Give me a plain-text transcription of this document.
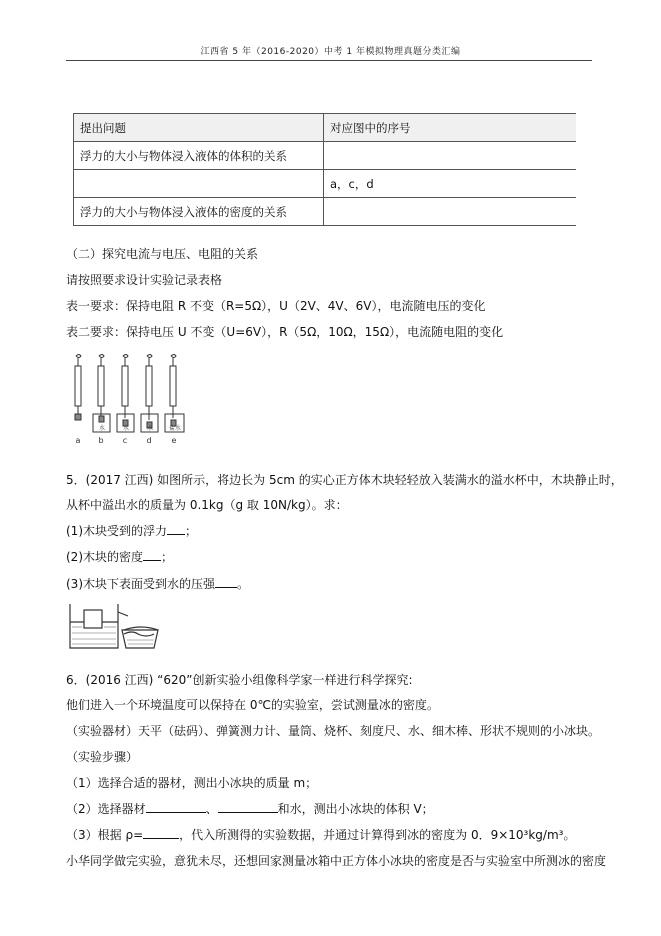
江西省 5 年（2016-2020）中考 1 年模拟物理真题分类汇编
提出问题	对应图中的序号
浮力的大小与物体浸入液体的体积的关系	
	a，c，d
浮力的大小与物体浸入液体的密度的关系	
（二）探究电流与电压、电阻的关系
请按照要求设计实验记录表格
表一要求：保持电阻 R 不变（R=5Ω），U（2V、4V、6V），电流随电压的变化
表二要求：保持电压 U 不变（U=6V），R（5Ω，10Ω，15Ω），电流随电阻的变化
水	水	水	盐水
a b c d	e
5．(2017 江西) 如图所示，将边长为 5cm 的实心正方体木块轻轻放入装满水的溢水杯中，木块静止时，
从杯中溢出水的质量为 0.1kg（g 取 10N/kg）。求：
(1)木块受到的浮力 ；
(2)木块的密度 ；
(3)木块下表面受到水的压强 。
6．(2016 江西) “620”创新实验小组像科学家一样进行科学探究:
他们进入一个环境温度可以保持在 0℃的实验室，尝试测量冰的密度。
（实验器材）天平（砝码）、弹簧测力计、量筒、烧杯、刻度尺、水、细木棒、形状不规则的小冰块。
（实验步骤）
（1）选择合适的器材，测出小冰块的质量 m；
（2）选择器材	、	和水，测出小冰块的体积 V；
（3）根据 ρ=	，代入所测得的实验数据，并通过计算得到冰的密度为 0．9×10³kg/m³。
小华同学做完实验，意犹未尽，还想回家测量冰箱中正方体小冰块的密度是否与实验室中所测冰的密度
